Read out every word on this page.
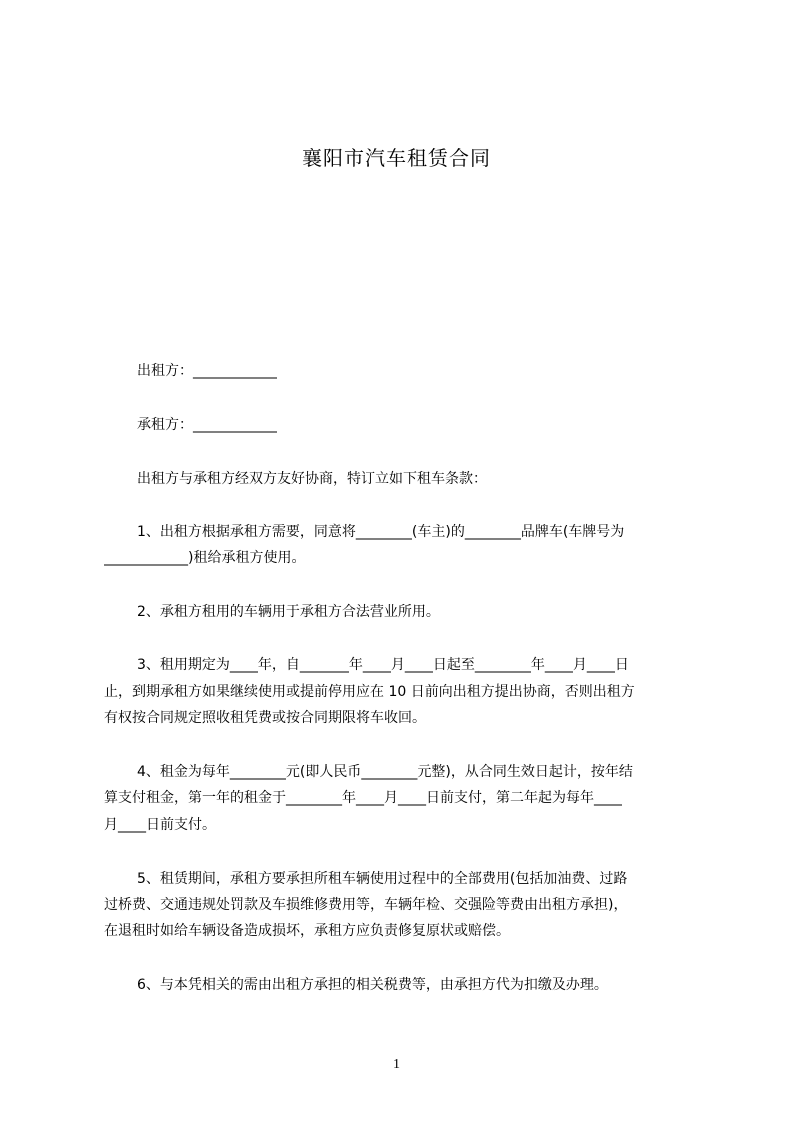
襄阳市汽车租赁合同
出租方：____________
承租方：____________
出租方与承租方经双方友好协商，特订立如下租车条款：
1、出租方根据承租方需要，同意将________(车主)的________品牌车(车牌号为
____________)租给承租方使用。
2、承租方租用的车辆用于承租方合法营业所用。
3、租用期定为____年，自_______年____月____日起至________年____月____日
止，到期承租方如果继续使用或提前停用应在 10 日前向出租方提出协商，否则出租方
有权按合同规定照收租凭费或按合同期限将车收回。
4、租金为每年________元(即人民币________元整)，从合同生效日起计，按年结
算支付租金，第一年的租金于________年____月____日前支付，第二年起为每年____
月____日前支付。
5、租赁期间，承租方要承担所租车辆使用过程中的全部费用(包括加油费、过路
过桥费、交通违规处罚款及车损维修费用等，车辆年检、交强险等费由出租方承担)，
在退租时如给车辆设备造成损坏，承租方应负责修复原状或赔偿。
6、与本凭相关的需由出租方承担的相关税费等，由承担方代为扣缴及办理。
1
